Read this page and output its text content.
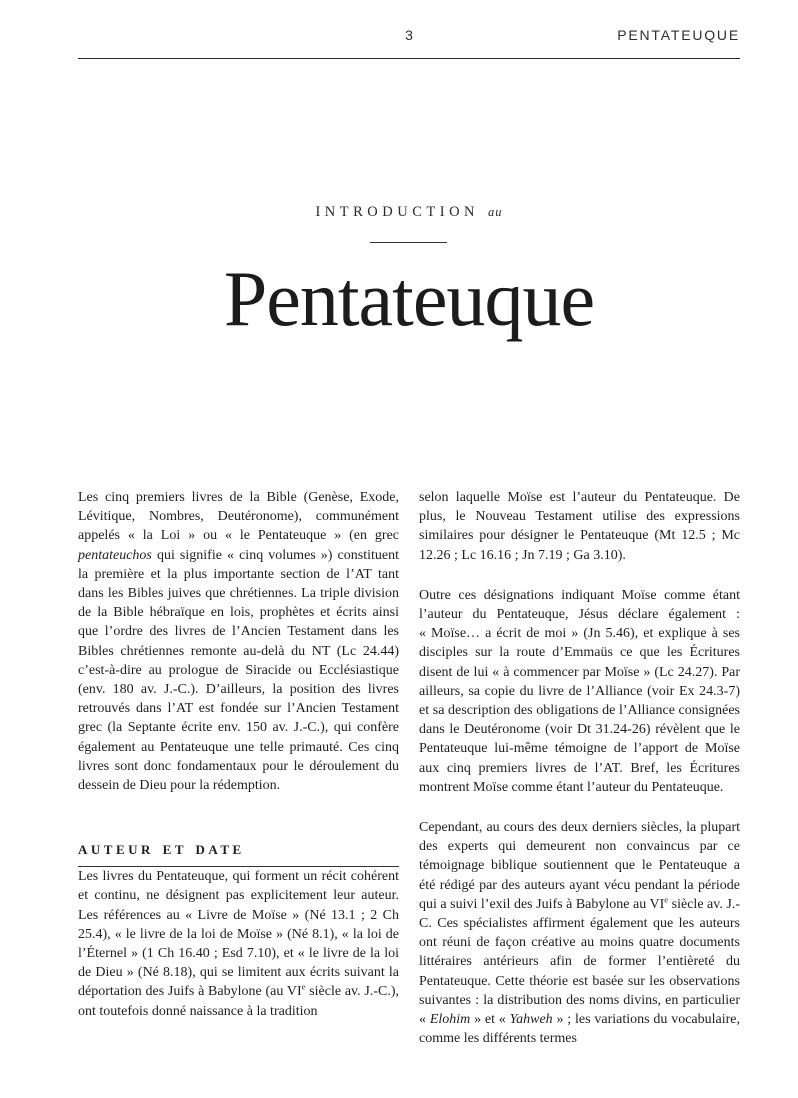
3	PENTATEUQUE
INTRODUCTION au
Pentateuque

Les cinq premiers livres de la Bible (Genèse, Exode, Lévitique, Nombres, Deutéronome), communément appelés « la Loi » ou « le Pentateuque » (en grec pentateuchos qui signifie « cinq volumes ») constituent la première et la plus importante section de l’AT tant dans les Bibles juives que chrétiennes. La triple division de la Bible hébraïque en lois, prophètes et écrits ainsi que l’ordre des livres de l’Ancien Testament dans les Bibles chrétiennes remonte au-delà du NT (Lc 24.44) c’est-à-dire au prologue de Siracide ou Ecclésiastique (env. 180 av. J.-C.). D’ailleurs, la position des livres retrouvés dans l’AT est fondée sur l’Ancien Testament grec (la Septante écrite env. 150 av. J.-C.), qui confère également au Pentateuque une telle primauté. Ces cinq livres sont donc fondamentaux pour le déroulement du dessein de Dieu pour la rédemption.

AUTEUR ET DATE

Les livres du Pentateuque, qui forment un récit cohérent et continu, ne désignent pas explicitement leur auteur. Les références au « Livre de Moïse » (Né 13.1 ; 2 Ch 25.4), « le livre de la loi de Moïse » (Né 8.1), « la loi de l’Éternel » (1 Ch 16.40 ; Esd 7.10), et « le livre de la loi de Dieu » (Né 8.18), qui se limitent aux écrits suivant la déportation des Juifs à Babylone (au VIe siècle av. J.-C.), ont toutefois donné naissance à la tradition

selon laquelle Moïse est l’auteur du Pentateuque. De plus, le Nouveau Testament utilise des expressions similaires pour désigner le Pentateuque (Mt 12.5 ; Mc 12.26 ; Lc 16.16 ; Jn 7.19 ; Ga 3.10).

Outre ces désignations indiquant Moïse comme étant l’auteur du Pentateuque, Jésus déclare également : « Moïse… a écrit de moi » (Jn 5.46), et explique à ses disciples sur la route d’Emmaüs ce que les Écritures disent de lui « à commencer par Moïse » (Lc 24.27). Par ailleurs, sa copie du livre de l’Alliance (voir Ex 24.3-7) et sa description des obligations de l’Alliance consignées dans le Deutéronome (voir Dt 31.24-26) révèlent que le Pentateuque lui-même témoigne de l’apport de Moïse aux cinq premiers livres de l’AT. Bref, les Écritures montrent Moïse comme étant l’auteur du Pentateuque.

Cependant, au cours des deux derniers siècles, la plupart des experts qui demeurent non convaincus par ce témoignage biblique soutiennent que le Pentateuque a été rédigé par des auteurs ayant vécu pendant la période qui a suivi l’exil des Juifs à Babylone au VIe siècle av. J.-C. Ces spécialistes affirment également que les auteurs ont réuni de façon créative au moins quatre documents littéraires antérieurs afin de former l’entièreté du Pentateuque. Cette théorie est basée sur les observations suivantes : la distribution des noms divins, en particulier « Elohim » et « Yahweh » ; les variations du vocabulaire, comme les différents termes
